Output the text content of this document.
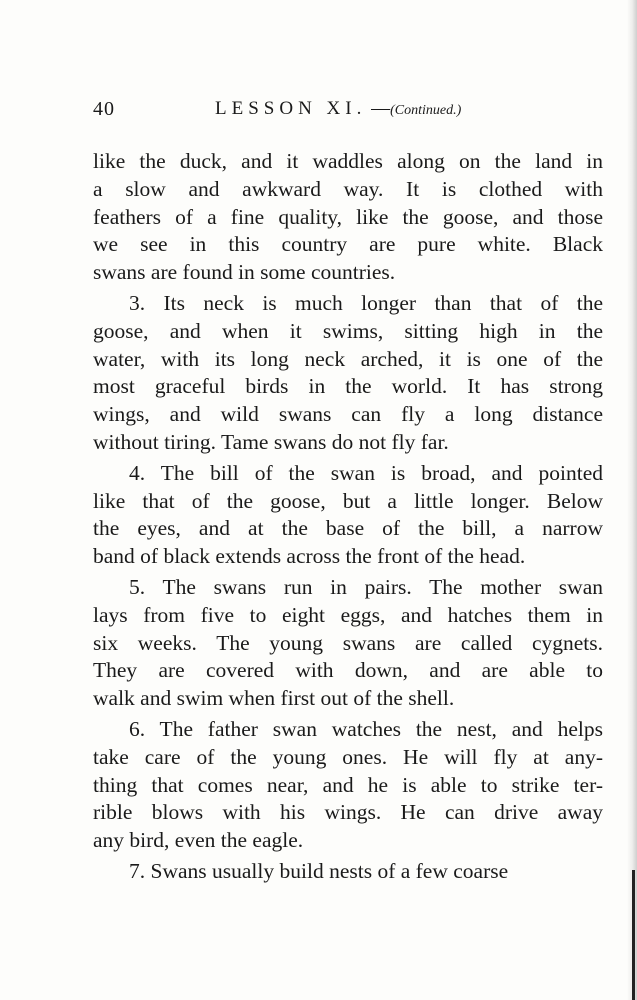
40	LESSON XI. —(Continued.)
like the duck, and it waddles along on the land in
a slow and awkward way. It is clothed with
feathers of a fine quality, like the goose, and those
we see in this country are pure white. Black
swans are found in some countries.
3. Its neck is much longer than that of the
goose, and when it swims, sitting high in the
water, with its long neck arched, it is one of the
most graceful birds in the world. It has strong
wings, and wild swans can fly a long distance
without tiring. Tame swans do not fly far.
4. The bill of the swan is broad, and pointed
like that of the goose, but a little longer. Below
the eyes, and at the base of the bill, a narrow
band of black extends across the front of the head.
5. The swans run in pairs. The mother swan
lays from five to eight eggs, and hatches them in
six weeks. The young swans are called cygnets.
They are covered with down, and are able to
walk and swim when first out of the shell.
6. The father swan watches the nest, and helps
take care of the young ones. He will fly at any-
thing that comes near, and he is able to strike ter-
rible blows with his wings. He can drive away
any bird, even the eagle.
7. Swans usually build nests of a few coarse
